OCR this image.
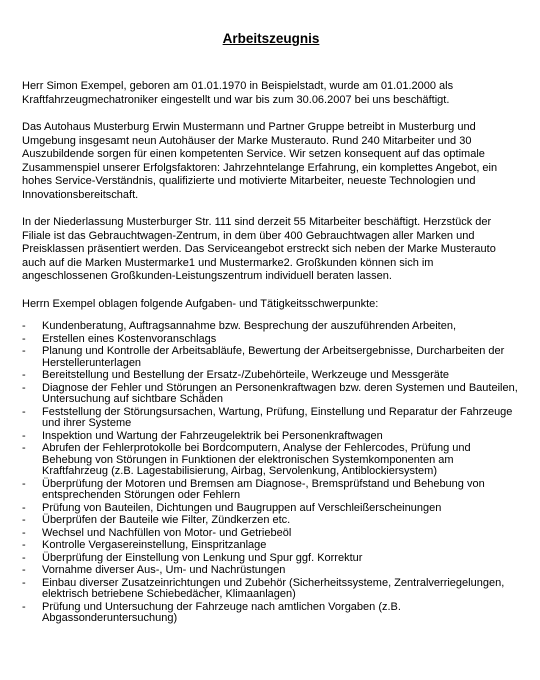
Arbeitszeugnis

Herr Simon Exempel, geboren am 01.01.1970 in Beispielstadt, wurde am 01.01.2000 als Kraftfahrzeugmechatroniker eingestellt und war bis zum 30.06.2007 bei uns beschäftigt.

Das Autohaus Musterburg Erwin Mustermann und Partner Gruppe betreibt in Musterburg und Umgebung insgesamt neun Autohäuser der Marke Musterauto. Rund 240 Mitarbeiter und 30 Auszubildende sorgen für einen kompetenten Service. Wir setzen konsequent auf das optimale Zusammenspiel unserer Erfolgsfaktoren: Jahrzehntelange Erfahrung, ein komplettes Angebot, ein hohes Service-Verständnis, qualifizierte und motivierte Mitarbeiter, neueste Technologien und Innovationsbereitschaft.

In der Niederlassung Musterburger Str. 111 sind derzeit 55 Mitarbeiter beschäftigt. Herzstück der Filiale ist das Gebrauchtwagen-Zentrum, in dem über 400 Gebrauchtwagen aller Marken und Preisklassen präsentiert werden. Das Serviceangebot erstreckt sich neben der Marke Musterauto auch auf die Marken Mustermarke1 und Mustermarke2. Großkunden können sich im angeschlossenen Großkunden-Leistungszentrum individuell beraten lassen.

Herrn Exempel oblagen folgende Aufgaben- und Tätigkeitsschwerpunkte:

- Kundenberatung, Auftragsannahme bzw. Besprechung der auszuführenden Arbeiten,
- Erstellen eines Kostenvoranschlags
- Planung und Kontrolle der Arbeitsabläufe, Bewertung der Arbeitsergebnisse, Durcharbeiten der Herstellerunterlagen
- Bereitstellung und Bestellung der Ersatz-/Zubehörteile, Werkzeuge und Messgeräte
- Diagnose der Fehler und Störungen an Personenkraftwagen bzw. deren Systemen und Bauteilen, Untersuchung auf sichtbare Schäden
- Feststellung der Störungsursachen, Wartung, Prüfung, Einstellung und Reparatur der Fahrzeuge und ihrer Systeme
- Inspektion und Wartung der Fahrzeugelektrik bei Personenkraftwagen
- Abrufen der Fehlerprotokolle bei Bordcomputern, Analyse der Fehlercodes, Prüfung und Behebung von Störungen in Funktionen der elektronischen Systemkomponenten am Kraftfahrzeug (z.B. Lagestabilisierung, Airbag, Servolenkung, Antiblockiersystem)
- Überprüfung der Motoren und Bremsen am Diagnose-, Bremsprüfstand und Behebung von entsprechenden Störungen oder Fehlern
- Prüfung von Bauteilen, Dichtungen und Baugruppen auf Verschleißerscheinungen
- Überprüfen der Bauteile wie Filter, Zündkerzen etc.
- Wechsel und Nachfüllen von Motor- und Getriebeöl
- Kontrolle Vergasereinstellung, Einspritzanlage
- Überprüfung der Einstellung von Lenkung und Spur ggf. Korrektur
- Vornahme diverser Aus-, Um- und Nachrüstungen
- Einbau diverser Zusatzeinrichtungen und Zubehör (Sicherheitssysteme, Zentralverriegelungen, elektrisch betriebene Schiebedächer, Klimaanlagen)
- Prüfung und Untersuchung der Fahrzeuge nach amtlichen Vorgaben (z.B. Abgassonderuntersuchung)
